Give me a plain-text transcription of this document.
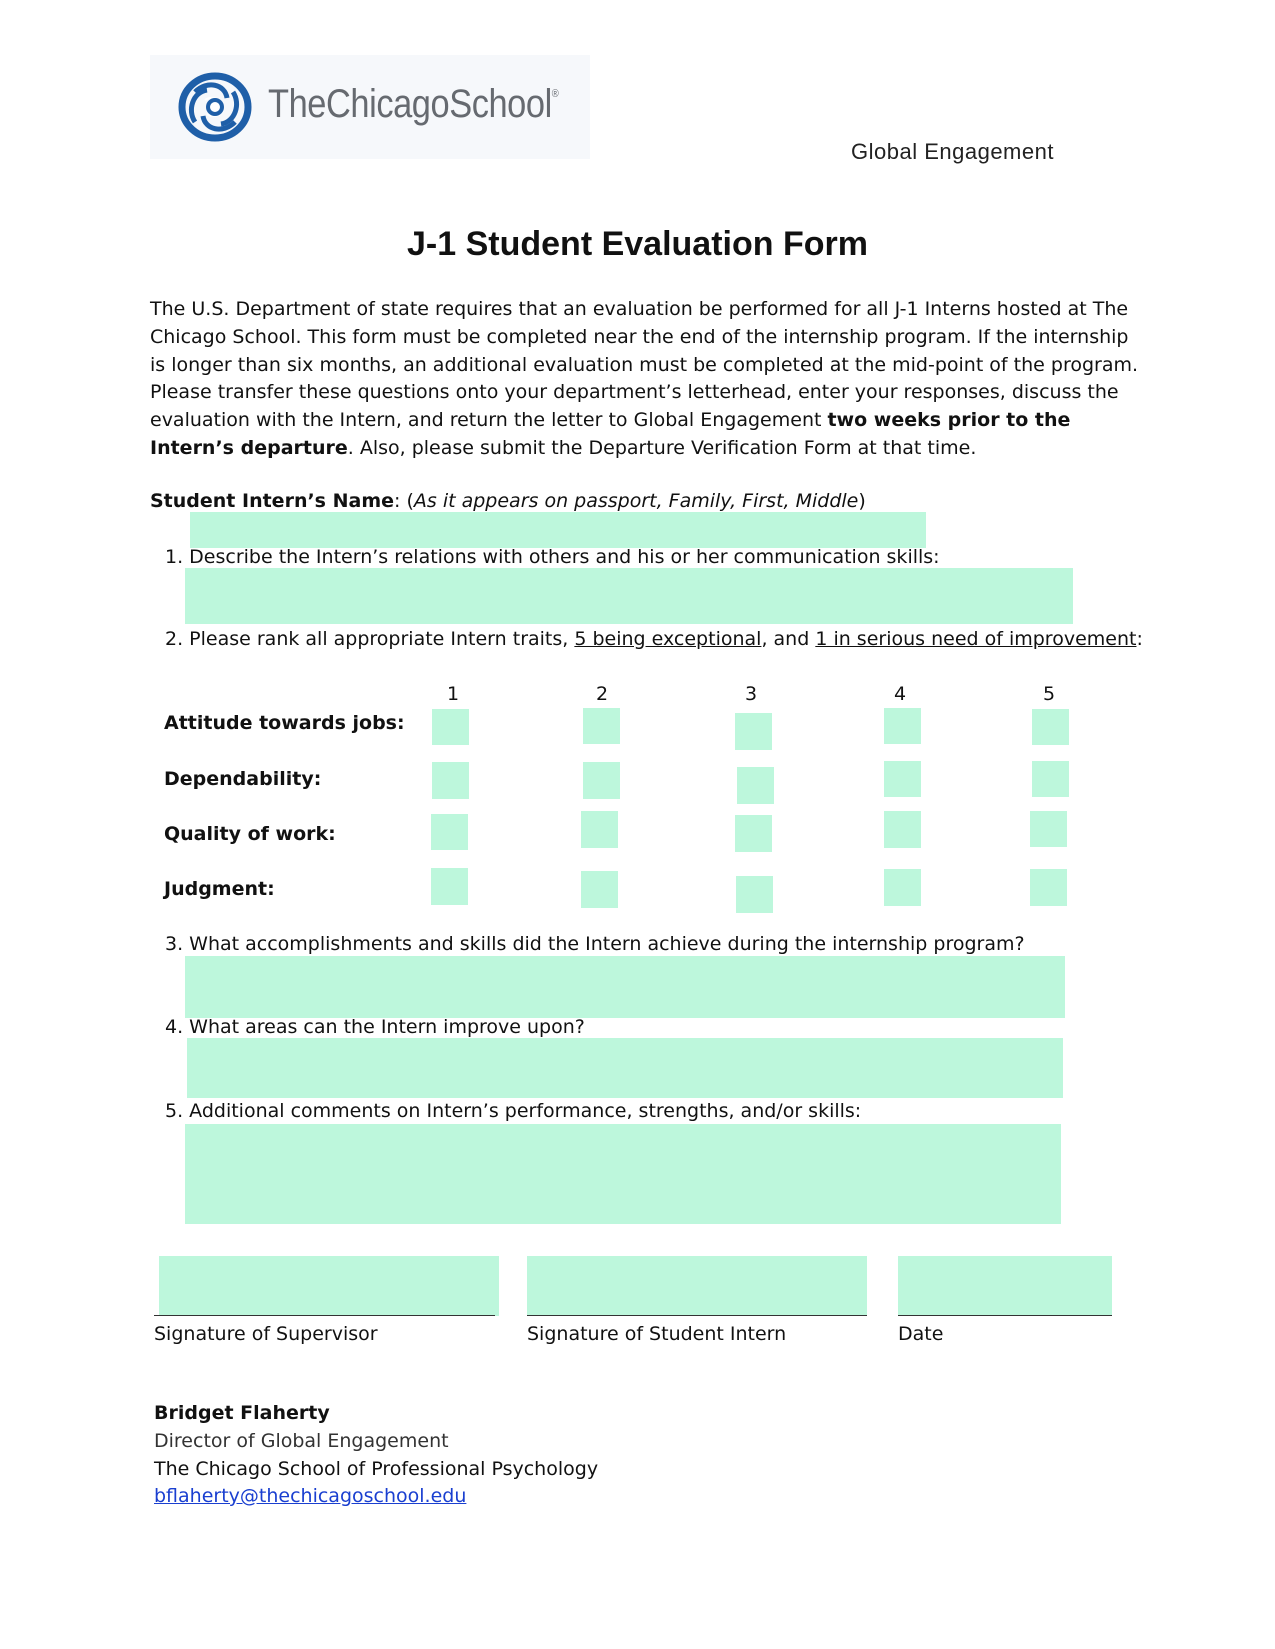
TheChicagoSchool®
Global Engagement
J-1 Student Evaluation Form

The U.S. Department of state requires that an evaluation be performed for all J-1 Interns hosted at The Chicago School. This form must be completed near the end of the internship program. If the internship is longer than six months, an additional evaluation must be completed at the mid-point of the program. Please transfer these questions onto your department’s letterhead, enter your responses, discuss the evaluation with the Intern, and return the letter to Global Engagement two weeks prior to the Intern’s departure. Also, please submit the Departure Verification Form at that time.

Student Intern’s Name: (As it appears on passport, Family, First, Middle)
1. Describe the Intern’s relations with others and his or her communication skills:
2. Please rank all appropriate Intern traits, 5 being exceptional, and 1 in serious need of improvement:
1	2	3	4	5
Attitude towards jobs:
Dependability:
Quality of work:
Judgment:
3. What accomplishments and skills did the Intern achieve during the internship program?
4. What areas can the Intern improve upon?
5. Additional comments on Intern’s performance, strengths, and/or skills:
Signature of Supervisor	Signature of Student Intern	Date
Bridget Flaherty
Director of Global Engagement
The Chicago School of Professional Psychology
bflaherty@thechicagoschool.edu
